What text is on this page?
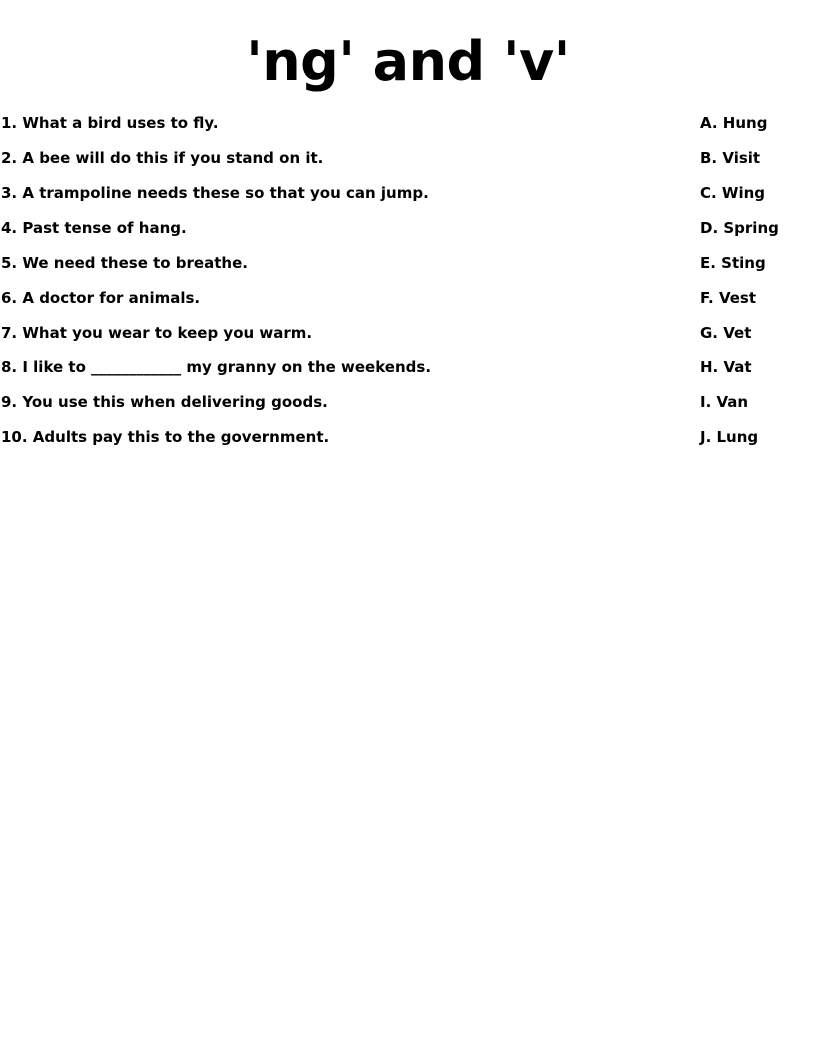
'ng' and 'v'
1. What a bird uses to fly.	A. Hung
2. A bee will do this if you stand on it.	B. Visit
3. A trampoline needs these so that you can jump.	C. Wing
4. Past tense of hang.	D. Spring
5. We need these to breathe.	E. Sting
6. A doctor for animals.	F. Vest
7. What you wear to keep you warm.	G. Vet
8. I like to ____________ my granny on the weekends.	H. Vat
9. You use this when delivering goods.	I. Van
10. Adults pay this to the government.	J. Lung
